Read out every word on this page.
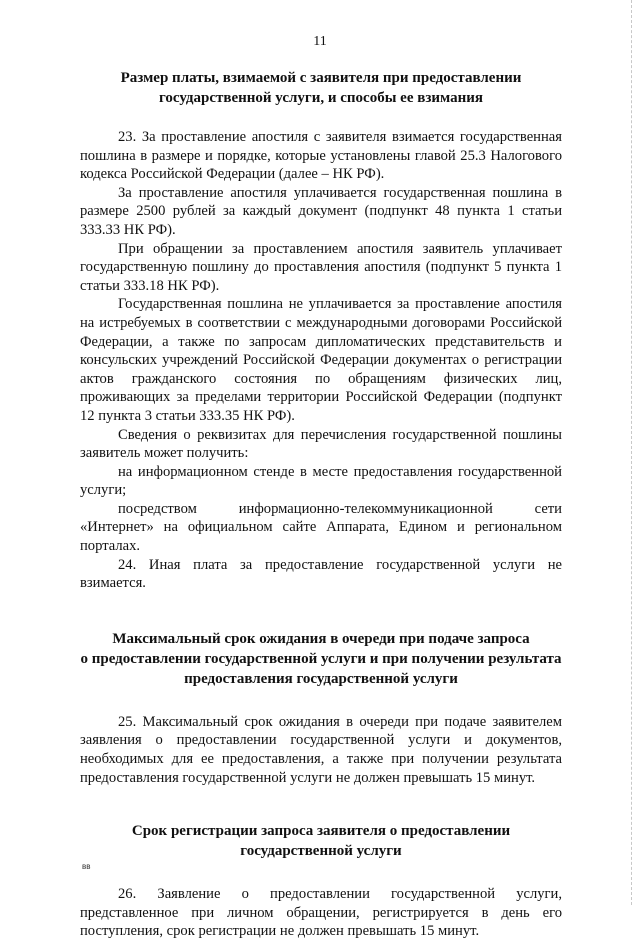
11
Размер платы, взимаемой с заявителя при предоставлении
государственной услуги, и способы ее взимания

23. За проставление апостиля с заявителя взимается государственная пошлина в размере и порядке, которые установлены главой 25.3 Налогового кодекса Российской Федерации (далее – НК РФ).

За проставление апостиля уплачивается государственная пошлина в размере 2500 рублей за каждый документ (подпункт 48 пункта 1 статьи 333.33 НК РФ).

При обращении за проставлением апостиля заявитель уплачивает государственную пошлину до проставления апостиля (подпункт 5 пункта 1 статьи 333.18 НК РФ).

Государственная пошлина не уплачивается за проставление апостиля на истребуемых в соответствии с международными договорами Российской Федерации, а также по запросам дипломатических представительств и консульских учреждений Российской Федерации документах о регистрации актов гражданского состояния по обращениям физических лиц, проживающих за пределами территории Российской Федерации (подпункт 12 пункта 3 статьи 333.35 НК РФ).

Сведения о реквизитах для перечисления государственной пошлины заявитель может получить:

на информационном стенде в месте предоставления государственной услуги;

посредством информационно-телекоммуникационной сети «Интернет» на официальном сайте Аппарата, Едином и региональном порталах.

24. Иная плата за предоставление государственной услуги не взимается.

Максимальный срок ожидания в очереди при подаче запроса
о предоставлении государственной услуги и при получении результата
предоставления государственной услуги

25. Максимальный срок ожидания в очереди при подаче заявителем заявления о предоставлении государственной услуги и документов, необходимых для ее предоставления, а также при получении результата предоставления государственной услуги не должен превышать 15 минут.

Срок регистрации запроса заявителя о предоставлении
государственной услуги

26. Заявление о предоставлении государственной услуги, представленное при личном обращении, регистрируется в день его поступления, срок регистрации не должен превышать 15 минут.

вв
